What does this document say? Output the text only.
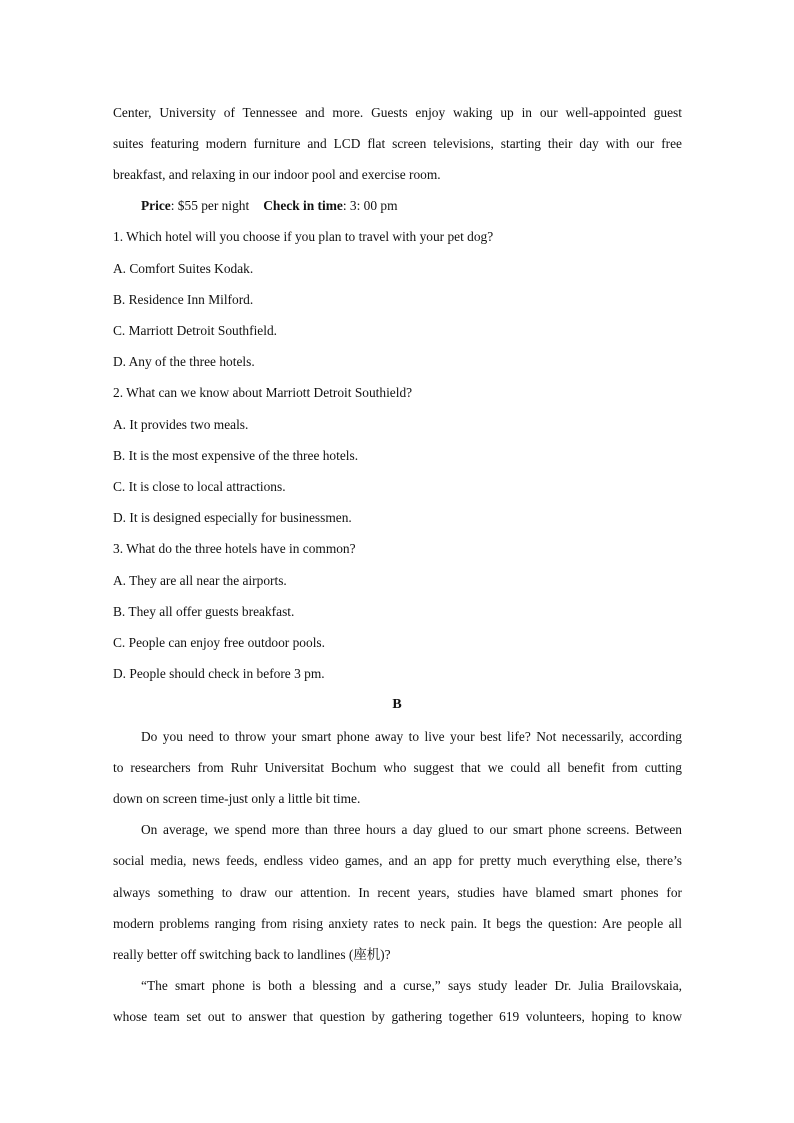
Center, University of Tennessee and more. Guests enjoy waking up in our well-appointed guest
suites featuring modern furniture and LCD flat screen televisions, starting their day with our free
breakfast, and relaxing in our indoor pool and exercise room.
Price: $55 per night Check in time: 3: 00 pm
1. Which hotel will you choose if you plan to travel with your pet dog?
A. Comfort Suites Kodak.
B. Residence Inn Milford.
C. Marriott Detroit Southfield.
D. Any of the three hotels.
2. What can we know about Marriott Detroit Southield?
A. It provides two meals.
B. It is the most expensive of the three hotels.
C. It is close to local attractions.
D. It is designed especially for businessmen.
3. What do the three hotels have in common?
A. They are all near the airports.
B. They all offer guests breakfast.
C. People can enjoy free outdoor pools.
D. People should check in before 3 pm.
B
Do you need to throw your smart phone away to live your best life? Not necessarily, according
to researchers from Ruhr Universitat Bochum who suggest that we could all benefit from cutting
down on screen time-just only a little bit time.
On average, we spend more than three hours a day glued to our smart phone screens. Between
social media, news feeds, endless video games, and an app for pretty much everything else, there’s
always something to draw our attention. In recent years, studies have blamed smart phones for
modern problems ranging from rising anxiety rates to neck pain. It begs the question: Are people all
really better off switching back to landlines (座机)?
“The smart phone is both a blessing and a curse,” says study leader Dr. Julia Brailovskaia,
whose team set out to answer that question by gathering together 619 volunteers, hoping to know
